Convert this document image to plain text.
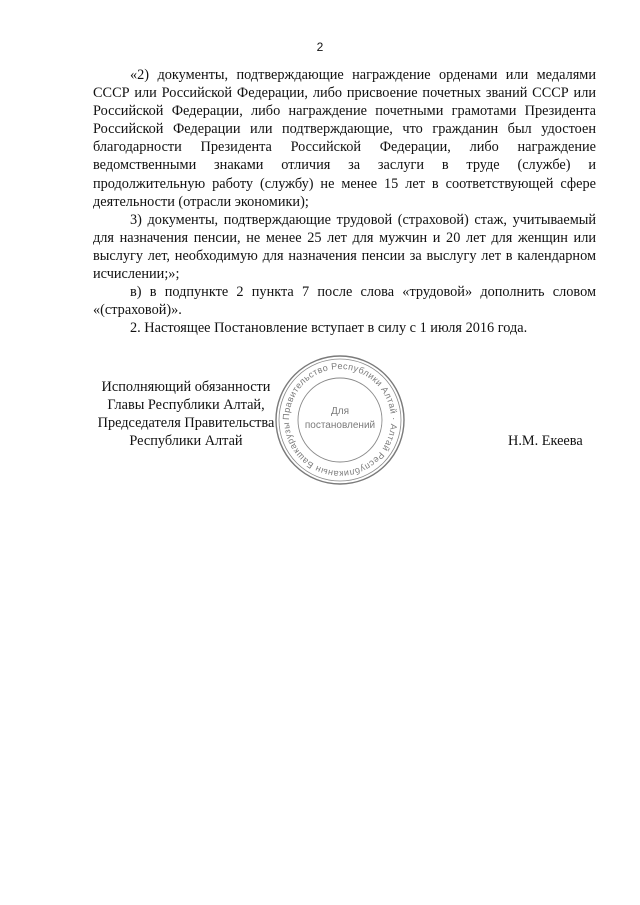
2

«2) документы, подтверждающие награждение орденами или медалями СССР или Российской Федерации, либо присвоение почетных званий СССР или Российской Федерации, либо награждение почетными грамотами Президента Российской Федерации или подтверждающие, что гражданин был удостоен благодарности Президента Российской Федерации, либо награждение ведомственными знаками отличия за заслуги в труде (службе) и продолжительную работу (службу) не менее 15 лет в соответствующей сфере деятельности (отрасли экономики);

3) документы, подтверждающие трудовой (страховой) стаж, учитываемый для назначения пенсии, не менее 25 лет для мужчин и 20 лет для женщин или выслугу лет, необходимую для назначения пенсии за выслугу лет в календарном исчислении;»;

в) в подпункте 2 пункта 7 после слова «трудовой» дополнить словом «(страховой)».

2. Настоящее Постановление вступает в силу с 1 июля 2016 года.

Исполняющий обязанности
Главы Республики Алтай,
Председателя Правительства
Республики Алтай	Н.М. Екеева
Правительство Республики Алтай · Алтай Республиканын Башкарузы
Для
постановлений
